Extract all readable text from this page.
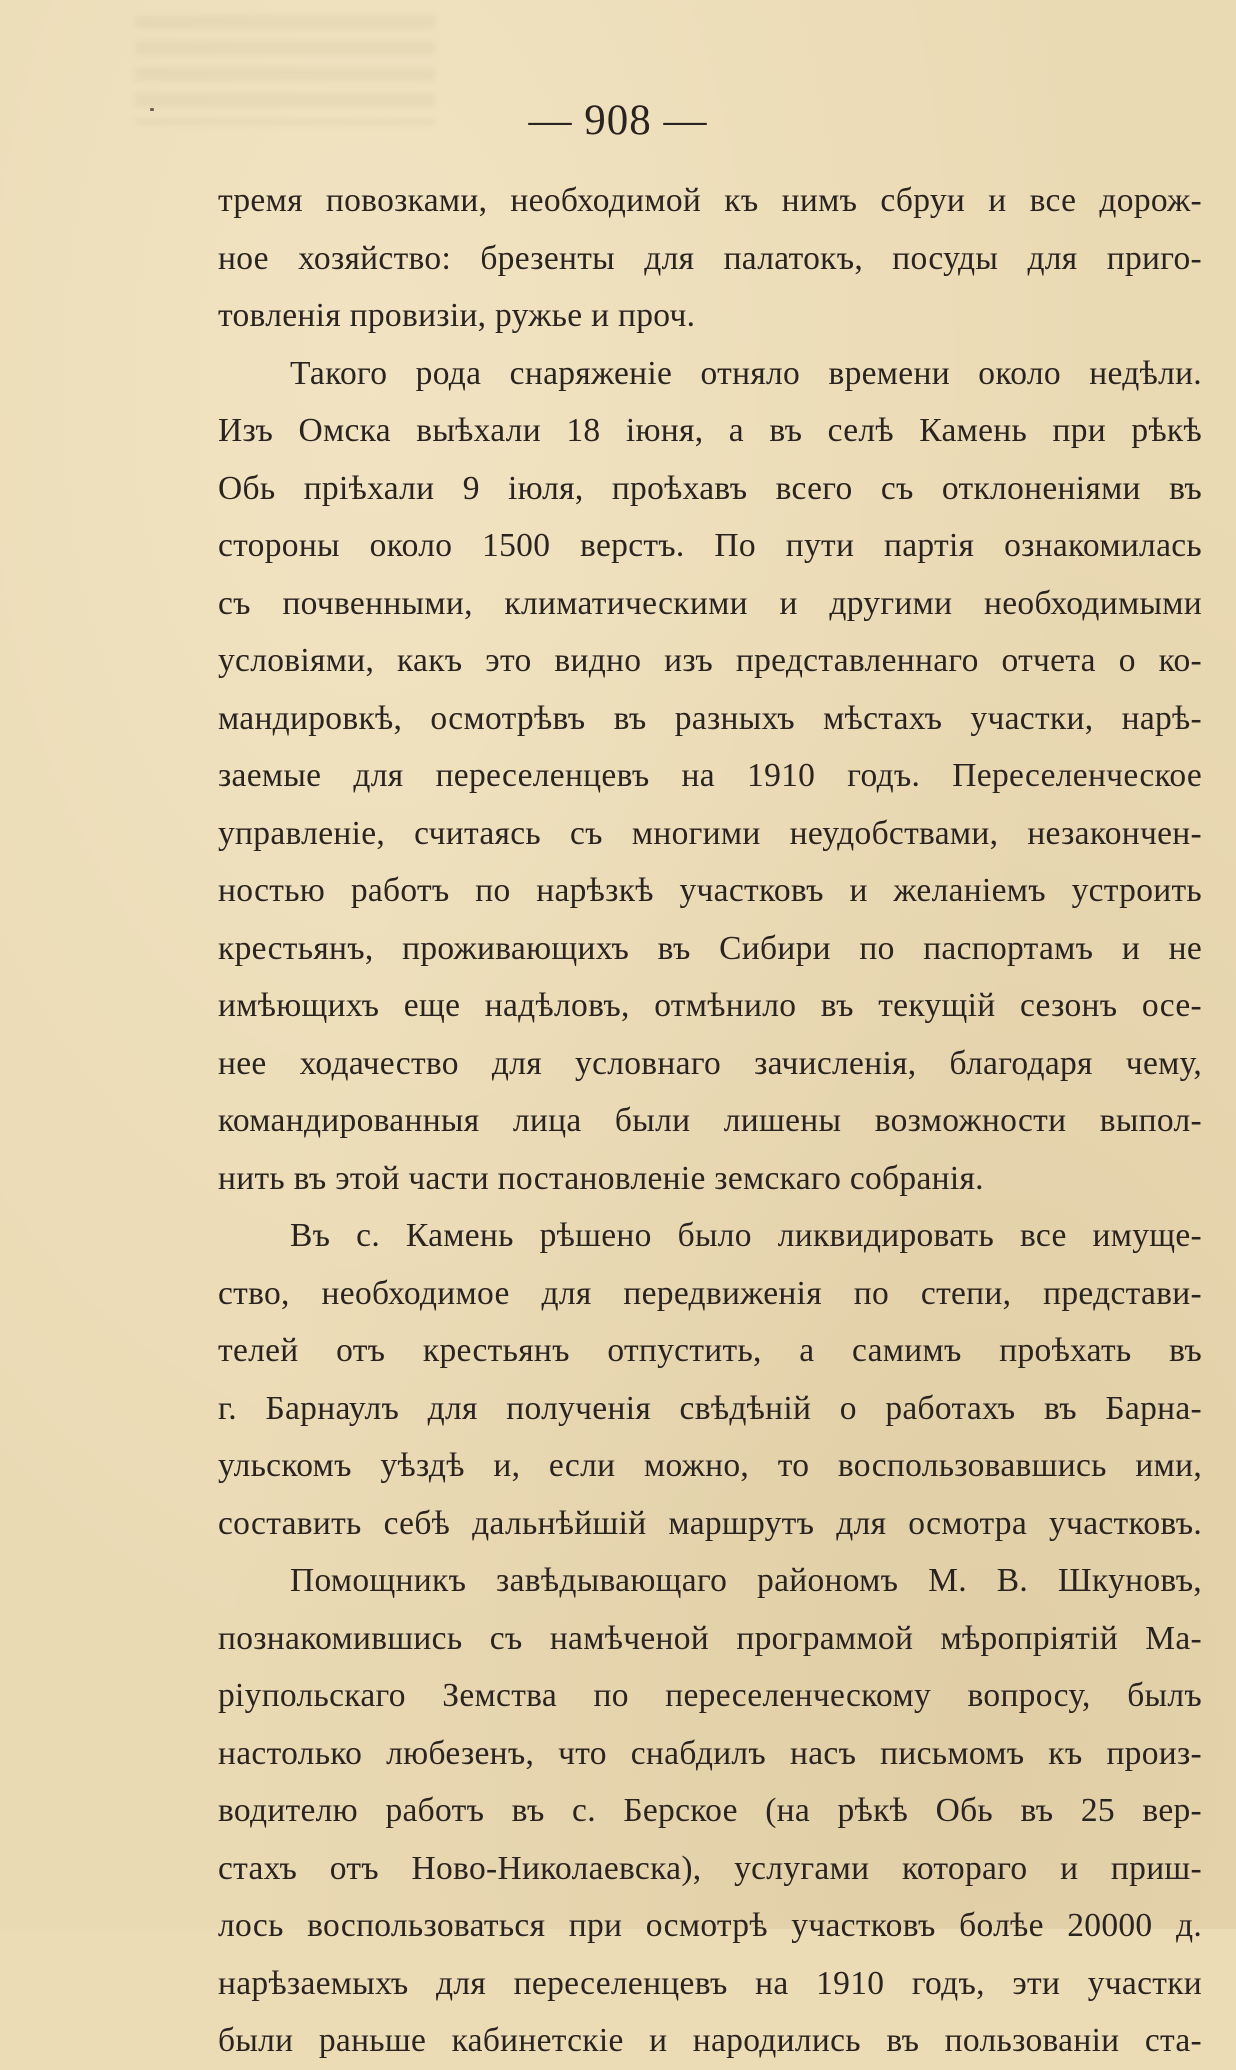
— 908 —
тремя повозками, необходимой къ нимъ сбруи и все дорож-
ное хозяйство: брезенты для палатокъ, посуды для приго-
товленія провизіи, ружье и проч.
Такого рода снаряженіе отняло времени около недѣли.
Изъ Омска выѣхали 18 іюня, а въ селѣ Камень при рѣкѣ
Обь пріѣхали 9 іюля, проѣхавъ всего съ отклоненіями въ
стороны около 1500 верстъ. По пути партія ознакомилась
съ почвенными, климатическими и другими необходимыми
условіями, какъ это видно изъ представленнаго отчета о ко-
мандировкѣ, осмотрѣвъ въ разныхъ мѣстахъ участки, нарѣ-
заемые для переселенцевъ на 1910 годъ. Переселенческое
управленіе, считаясь съ многими неудобствами, незакончен-
ностью работъ по нарѣзкѣ участковъ и желаніемъ устроить
крестьянъ, проживающихъ въ Сибири по паспортамъ и не
имѣющихъ еще надѣловъ, отмѣнило въ текущій сезонъ осе-
нее ходачество для условнаго зачисленія, благодаря чему,
командированныя лица были лишены возможности выпол-
нить въ этой части постановленіе земскаго собранія.
Въ с. Камень рѣшено было ликвидировать все имущe-
ство, необходимое для передвиженія по степи, представи-
телей отъ крестьянъ отпустить, а самимъ проѣхать въ
г. Барнаулъ для полученія свѣдѣній о работахъ въ Барна-
ульскомъ уѣздѣ и, если можно, то воспользовавшись ими,
составить себѣ дальнѣйшій маршрутъ для осмотра участковъ.
Помощникъ завѣдывающаго райономъ М. В. Шкуновъ,
познакомившись съ намѣченой программой мѣропріятій Ма-
ріупольскаго Земства по переселенческому вопросу, былъ
настолько любезенъ, что снабдилъ насъ письмомъ къ произ-
водителю работъ въ с. Берское (на рѣкѣ Обь въ 25 вер-
стахъ отъ Ново-Николаевска), услугами котораго и приш-
лось воспользоваться при осмотрѣ участковъ болѣе 20000 д.
нарѣзаемыхъ для переселенцевъ на 1910 годъ, эти участки
были раньше кабинетскіе и народились въ пользованіи ста-
